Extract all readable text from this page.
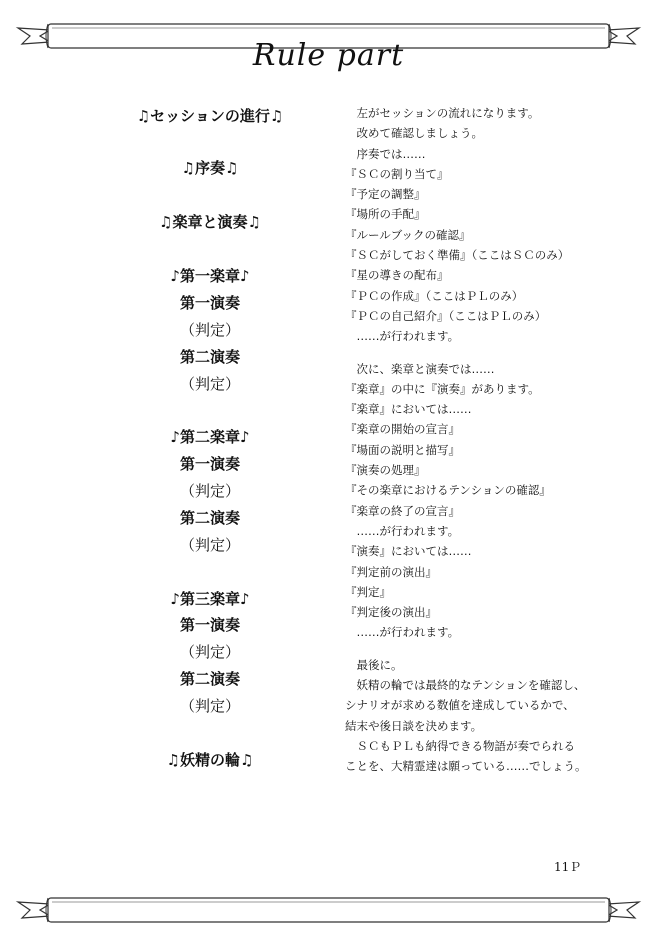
Rule part
♫セッションの進行♫
♫序奏♫
♫楽章と演奏♫
♪第一楽章♪
第一演奏
（判定）
第二演奏
（判定）
♪第二楽章♪
第一演奏
（判定）
第二演奏
（判定）
♪第三楽章♪
第一演奏
（判定）
第二演奏
（判定）
♫妖精の輪♫
　左がセッションの流れになります。
　改めて確認しましょう。
　序奏では……
『ＳＣの割り当て』
『予定の調整』
『場所の手配』
『ルールブックの確認』
『ＳＣがしておく準備』（ここはＳＣのみ）
『星の導きの配布』
『ＰＣの作成』（ここはＰＬのみ）
『ＰＣの自己紹介』（ここはＰＬのみ）
　……が行われます。
　次に、楽章と演奏では……
『楽章』の中に『演奏』があります。
『楽章』においては……
『楽章の開始の宣言』
『場面の説明と描写』
『演奏の処理』
『その楽章におけるテンションの確認』
『楽章の終了の宣言』
　……が行われます。
『演奏』においては……
『判定前の演出』
『判定』
『判定後の演出』
　……が行われます。
　最後に。
　妖精の輪では最終的なテンションを確認し、
シナリオが求める数値を達成しているかで、
結末や後日談を決めます。
　ＳＣもＰＬも納得できる物語が奏でられる
ことを、大精霊達は願っている……でしょう。
11Ｐ
